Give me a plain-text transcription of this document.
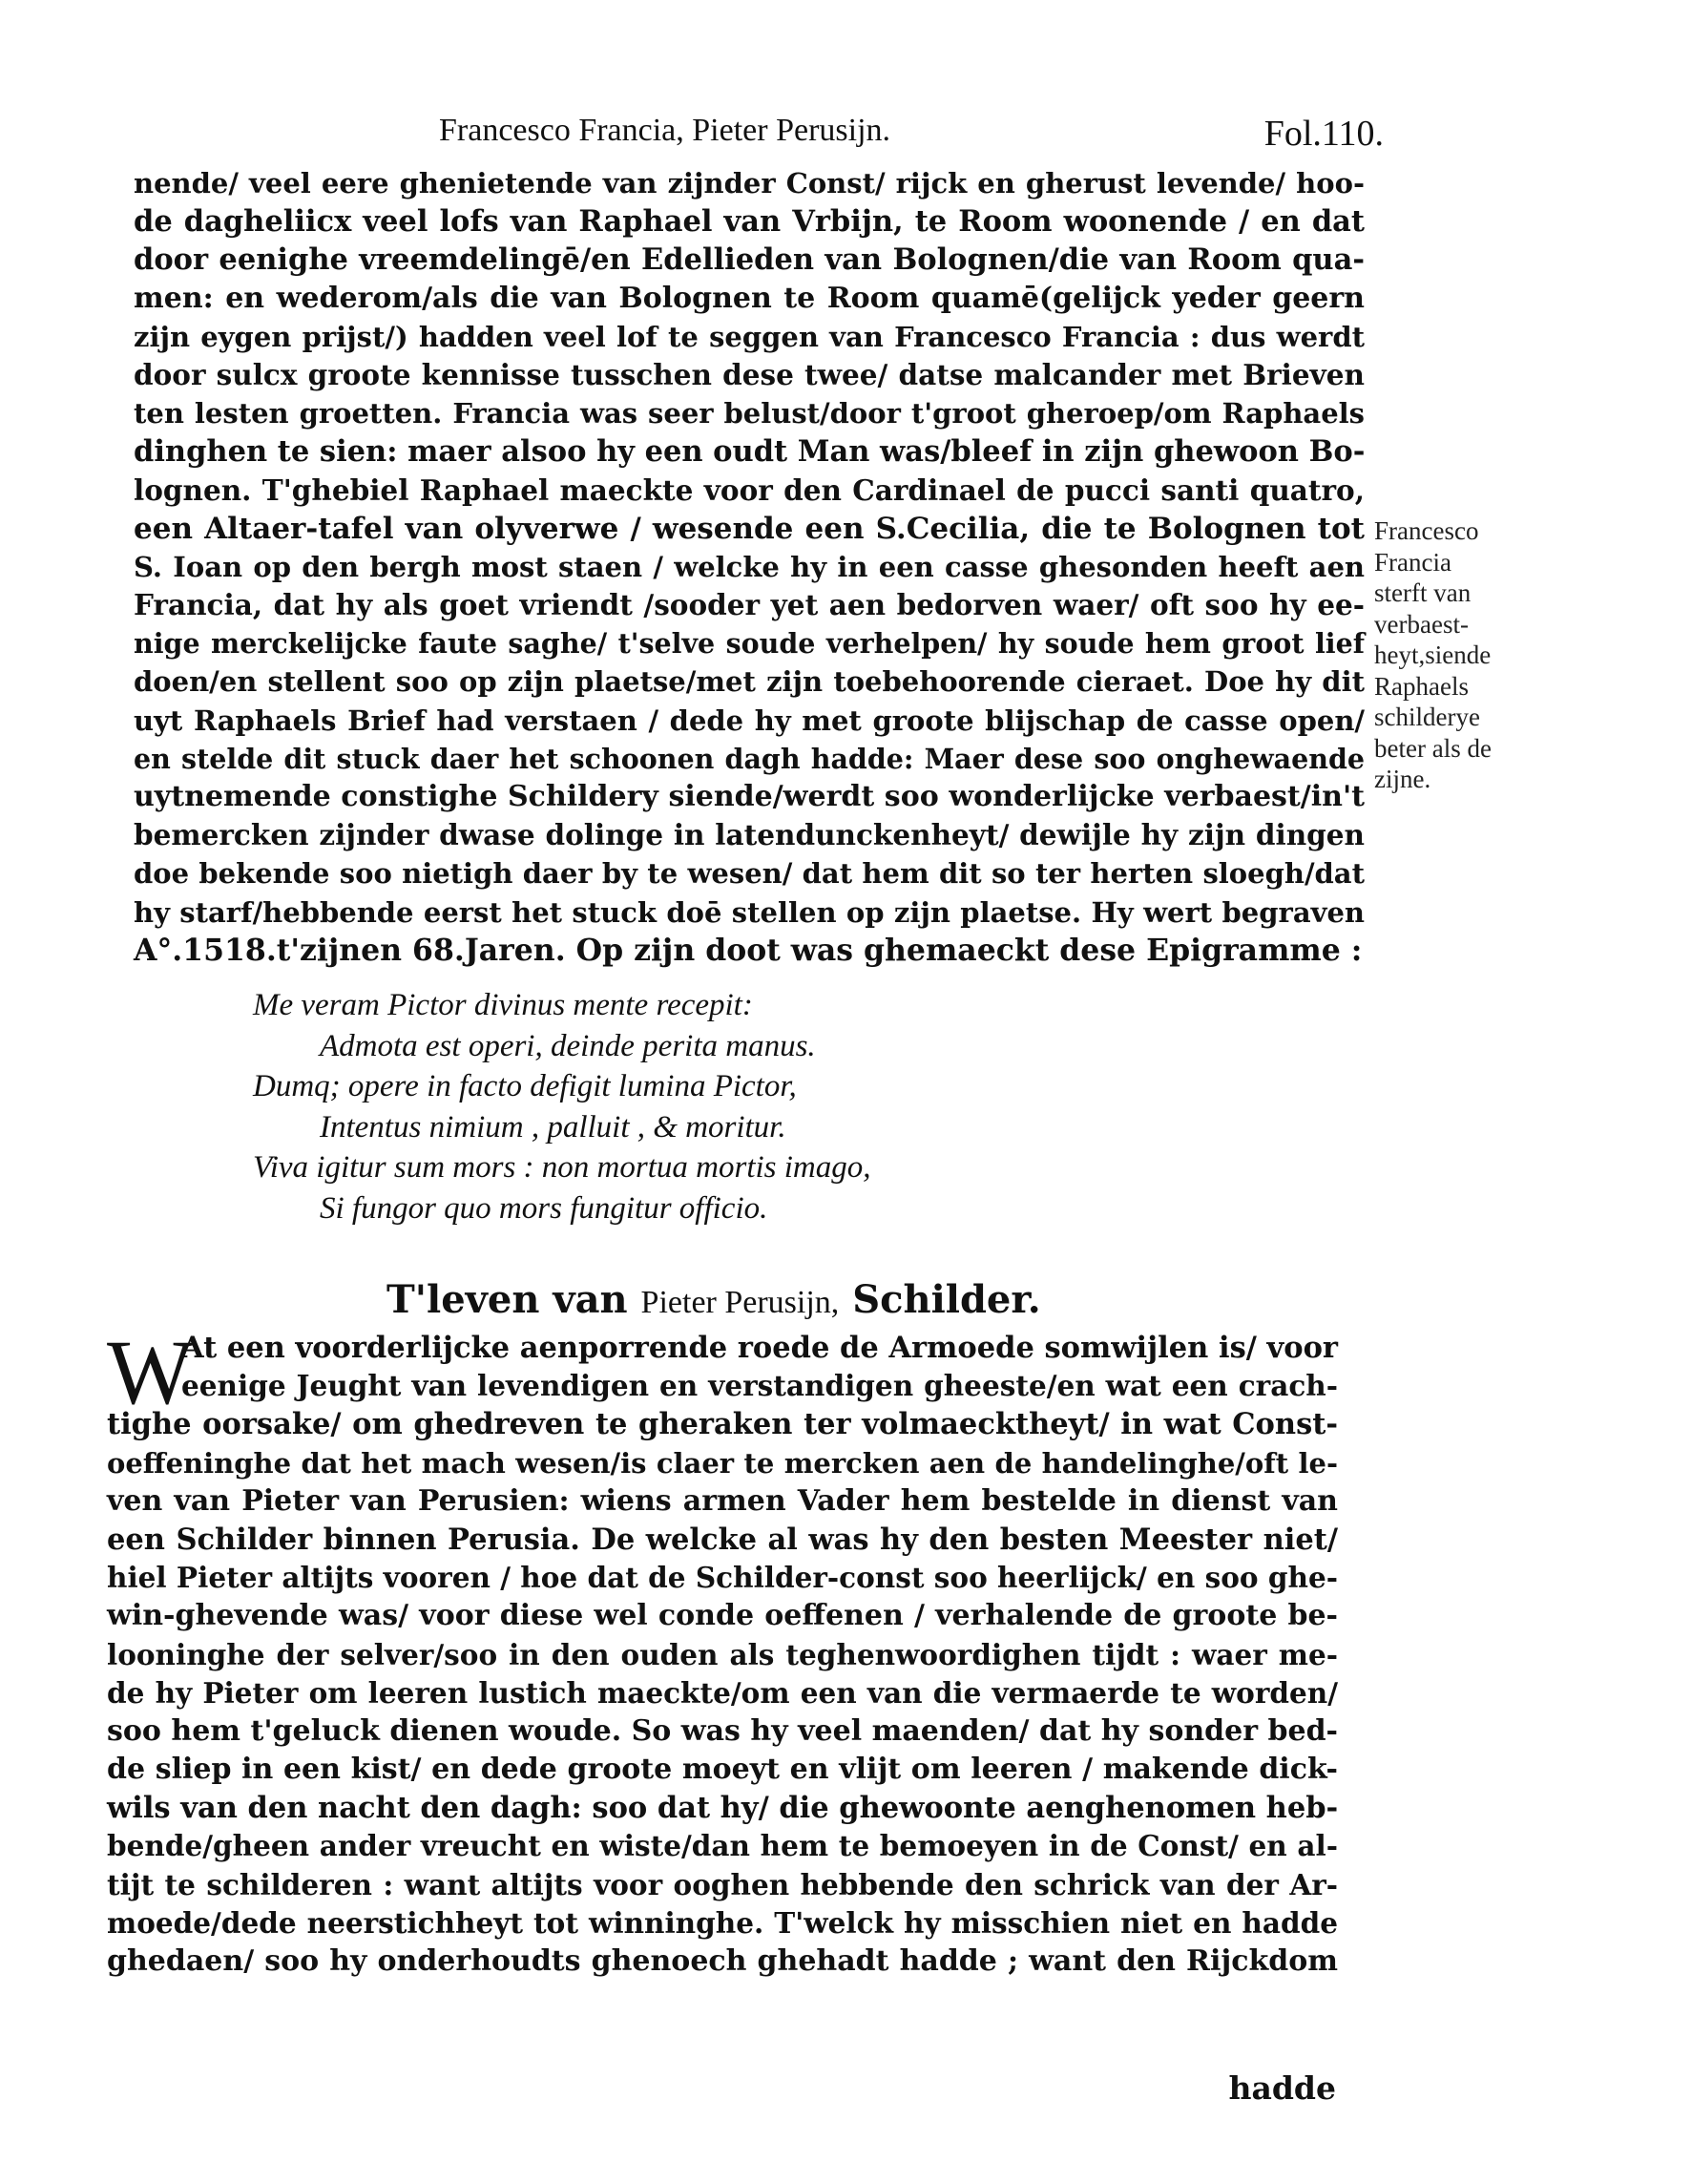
Francesco Francia, Pieter Perusijn.	Fol.110.
nende/ veel eere ghenietende van zijnder Const/ rijck en gherust levende/ hoo-
de dagheliicx veel lofs van Raphael van Vrbijn, te Room woonende / en dat
door eenighe vreemdelingē/en Edellieden van Bolognen/die van Room qua-
men: en wederom/als die van Bolognen te Room quamē(gelijck yeder geern
zijn eygen prijst/) hadden veel lof te seggen van Francesco Francia : dus werdt
door sulcx groote kennisse tusschen dese twee/ datse malcander met Brieven
ten lesten groetten. Francia was seer belust/door t'groot gheroep/om Raphaels
dinghen te sien: maer alsoo hy een oudt Man was/bleef in zijn ghewoon Bo-
lognen. T'ghebiel Raphael maeckte voor den Cardinael de pucci santi quatro,
een Altaer-tafel van olyverwe / wesende een S.Cecilia, die te Bolognen tot
S. Ioan op den bergh most staen / welcke hy in een casse ghesonden heeft aen
Francia, dat hy als goet vriendt /sooder yet aen bedorven waer/ oft soo hy ee-
nige merckelijcke faute saghe/ t'selve soude verhelpen/ hy soude hem groot lief
doen/en stellent soo op zijn plaetse/met zijn toebehoorende cieraet. Doe hy dit
uyt Raphaels Brief had verstaen / dede hy met groote blijschap de casse open/
en stelde dit stuck daer het schoonen dagh hadde: Maer dese soo onghewaende
uytnemende constighe Schildery siende/werdt soo wonderlijcke verbaest/in't
bemercken zijnder dwase dolinge in latendunckenheyt/ dewijle hy zijn dingen
doe bekende soo nietigh daer by te wesen/ dat hem dit so ter herten sloegh/dat
hy starf/hebbende eerst het stuck doē stellen op zijn plaetse. Hy wert begraven
A°.1518.t'zijnen 68.Jaren. Op zijn doot was ghemaeckt dese Epigramme :
Francesco
Francia
sterft van
verbaest-
heyt,siende
Raphaels
schilderye
beter als de
zijne.
Me veram Pictor divinus mente recepit:
Admota est operi, deinde perita manus.
Dumq; opere in facto defigit lumina Pictor,
Intentus nimium , palluit , & moritur.
Viva igitur sum mors : non mortua mortis imago,
Si fungor quo mors fungitur officio.
T'leven van Pieter Perusijn, Schilder.
W
At een voorderlijcke aenporrende roede de Armoede somwijlen is/ voor
eenige Jeught van levendigen en verstandigen gheeste/en wat een crach-
tighe oorsake/ om ghedreven te gheraken ter volmaecktheyt/ in wat Const-
oeffeninghe dat het mach wesen/is claer te mercken aen de handelinghe/oft le-
ven van Pieter van Perusien: wiens armen Vader hem bestelde in dienst van
een Schilder binnen Perusia. De welcke al was hy den besten Meester niet/
hiel Pieter altijts vooren / hoe dat de Schilder-const soo heerlijck/ en soo ghe-
win-ghevende was/ voor diese wel conde oeffenen / verhalende de groote be-
looninghe der selver/soo in den ouden als teghenwoordighen tijdt : waer me-
de hy Pieter om leeren lustich maeckte/om een van die vermaerde te worden/
soo hem t'geluck dienen woude. So was hy veel maenden/ dat hy sonder bed-
de sliep in een kist/ en dede groote moeyt en vlijt om leeren / makende dick-
wils van den nacht den dagh: soo dat hy/ die ghewoonte aenghenomen heb-
bende/gheen ander vreucht en wiste/dan hem te bemoeyen in de Const/ en al-
tijt te schilderen : want altijts voor ooghen hebbende den schrick van der Ar-
moede/dede neerstichheyt tot winninghe. T'welck hy misschien niet en hadde
ghedaen/ soo hy onderhoudts ghenoech ghehadt hadde ; want den Rijckdom
hadde
